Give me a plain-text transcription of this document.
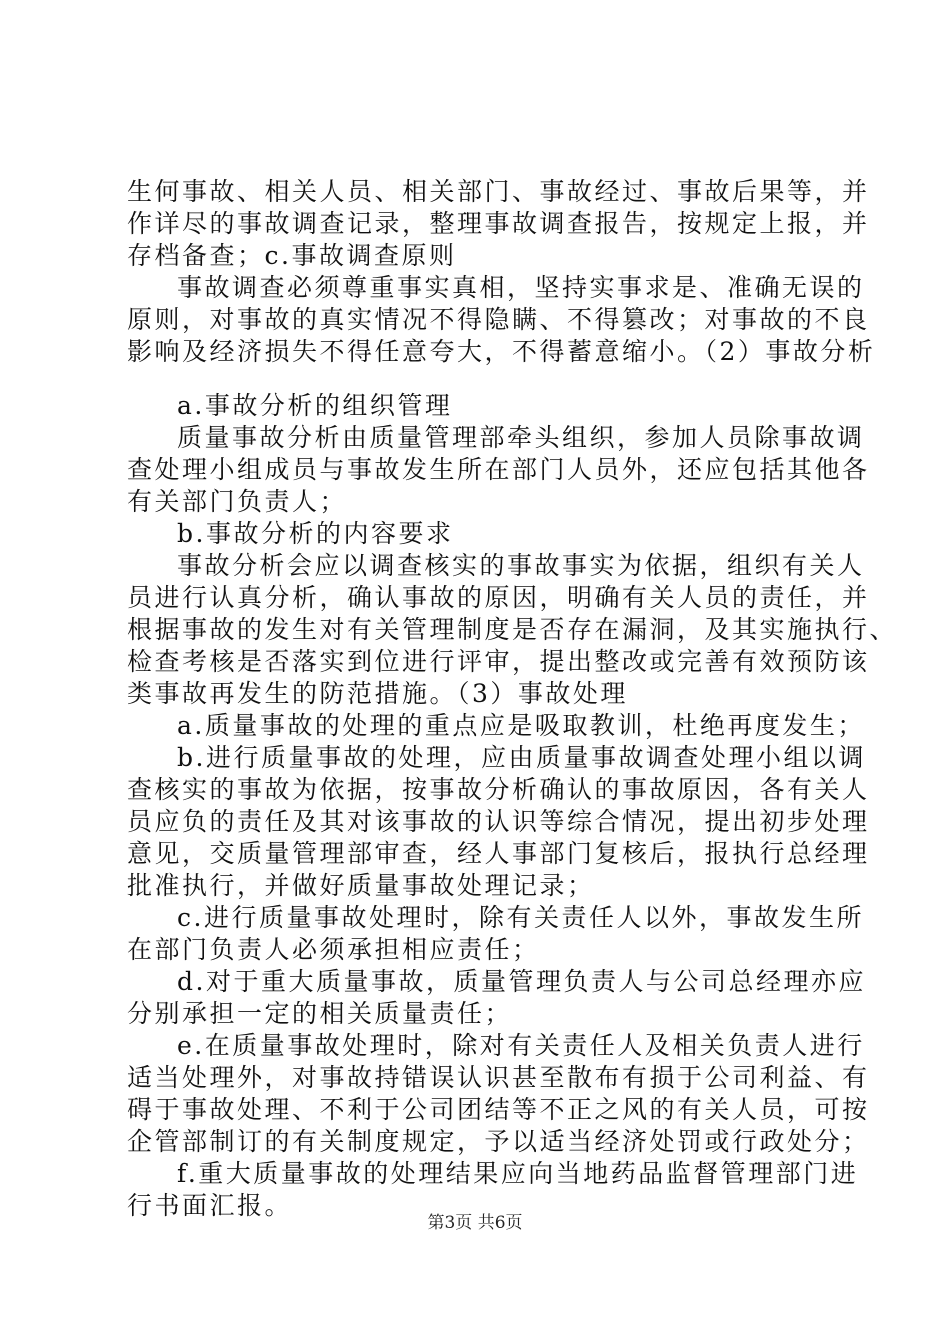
生何事故、相关人员、相关部门、事故经过、事故后果等，并
作详尽的事故调查记录，整理事故调查报告，按规定上报，并
存档备查；c.事故调查原则
事故调查必须尊重事实真相，坚持实事求是、准确无误的
原则，对事故的真实情况不得隐瞒、不得篡改；对事故的不良
影响及经济损失不得任意夸大，不得蓄意缩小。（2）事故分析
a.事故分析的组织管理
质量事故分析由质量管理部牵头组织，参加人员除事故调
查处理小组成员与事故发生所在部门人员外，还应包括其他各
有关部门负责人；
b.事故分析的内容要求
事故分析会应以调查核实的事故事实为依据，组织有关人
员进行认真分析，确认事故的原因，明确有关人员的责任，并
根据事故的发生对有关管理制度是否存在漏洞，及其实施执行、
检查考核是否落实到位进行评审，提出整改或完善有效预防该
类事故再发生的防范措施。（3）事故处理
a.质量事故的处理的重点应是吸取教训，杜绝再度发生；
b.进行质量事故的处理，应由质量事故调查处理小组以调
查核实的事故为依据，按事故分析确认的事故原因，各有关人
员应负的责任及其对该事故的认识等综合情况，提出初步处理
意见，交质量管理部审查，经人事部门复核后，报执行总经理
批准执行，并做好质量事故处理记录；
c.进行质量事故处理时，除有关责任人以外，事故发生所
在部门负责人必须承担相应责任；
d.对于重大质量事故，质量管理负责人与公司总经理亦应
分别承担一定的相关质量责任；
e.在质量事故处理时，除对有关责任人及相关负责人进行
适当处理外，对事故持错误认识甚至散布有损于公司利益、有
碍于事故处理、不利于公司团结等不正之风的有关人员，可按
企管部制订的有关制度规定，予以适当经济处罚或行政处分；
f.重大质量事故的处理结果应向当地药品监督管理部门进
行书面汇报。
第3页 共6页
